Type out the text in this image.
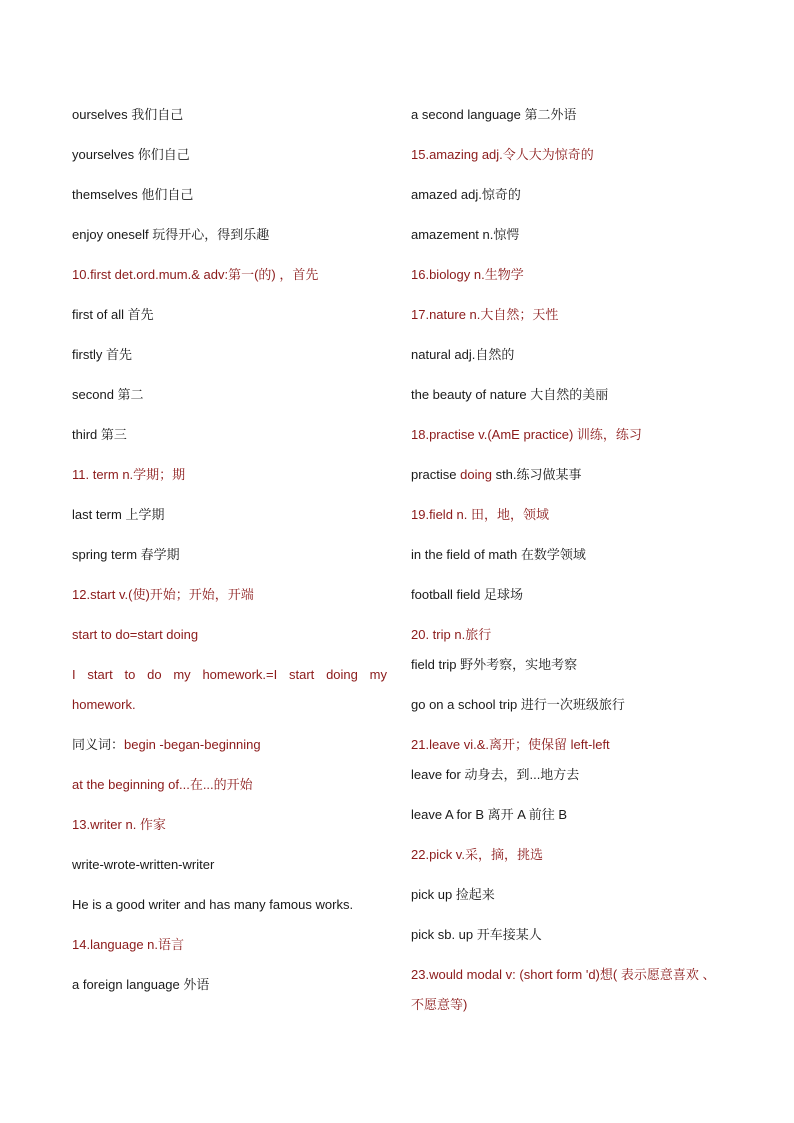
ourselves 我们自己
yourselves 你们自己
themselves 他们自己
enjoy oneself 玩得开心，得到乐趣
10.first det.ord.mum.& adv:第一(的) ，首先
first of all 首先
firstly 首先
second 第二
third 第三
11. term n.学期；期
last term 上学期
spring term 春学期
12.start v.(使)开始；开始，开端
start to do=start doing
I start to do my homework.=I start doing my homework.
同义词：begin -began-beginning
at the beginning of...在...的开始
13.writer n. 作家
write-wrote-written-writer
He is a good writer and has many famous works.
14.language n.语言
a foreign language 外语
a second language 第二外语
15.amazing adj.令人大为惊奇的
amazed adj.惊奇的
amazement n.惊愕
16.biology n.生物学
17.nature n.大自然；天性
natural adj.自然的
the beauty of nature 大自然的美丽
18.practise v.(AmE practice) 训练，练习
practise doing sth.练习做某事
19.field n. 田，地，领域
in the field of math 在数学领域
football field 足球场
20. trip n.旅行
field trip 野外考察，实地考察
go on a school trip 进行一次班级旅行
21.leave vi.&.离开；使保留 left-left
leave for 动身去，到...地方去
leave A for B 离开 A 前往 B
22.pick v.采，摘，挑选
pick up 捡起来
pick sb. up 开车接某人
23.would modal v: (short form 'd)想( 表示愿意喜欢 、不愿意等)
